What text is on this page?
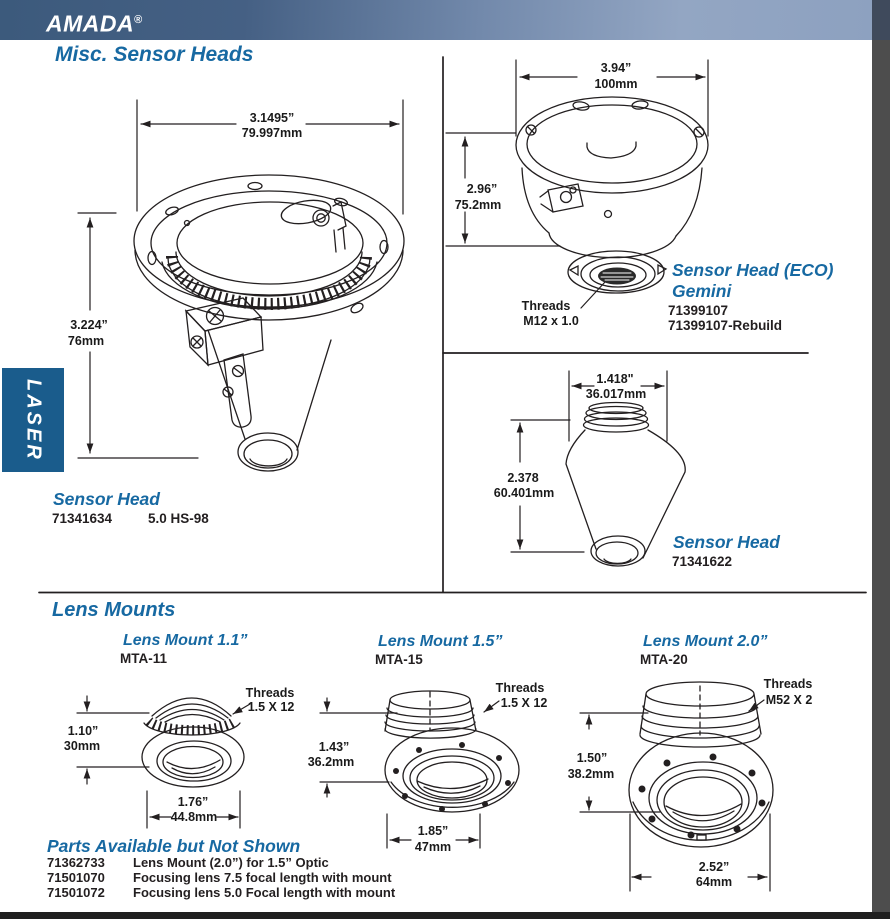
AMADA®
LASER
Misc. Sensor Heads
Lens Mounts
3.1495”
79.997mm
3.224”
76mm
Sensor Head
71341634	5.0 HS-98
3.94”
100mm
2.96”
75.2mm
Threads
M12 x 1.0
Sensor Head (ECO)
Gemini
71399107
71399107-Rebuild
1.418"
36.017mm
2.378
60.401mm
Sensor Head
71341622
Lens Mount 1.1”
MTA-11
Threads
1.5 X 12
1.10”
30mm
1.76”
44.8mm
Lens Mount 1.5”
MTA-15
Threads
1.5 X 12
1.43”
36.2mm
1.85”
47mm
Lens Mount 2.0”
MTA-20
Threads
M52 X 2
1.50”
38.2mm
2.52”
64mm
Parts Available but Not Shown
71362733 Lens Mount (2.0”) for 1.5” Optic
71501070 Focusing lens 7.5 focal length with mount
71501072 Focusing lens 5.0 Focal length with mount
